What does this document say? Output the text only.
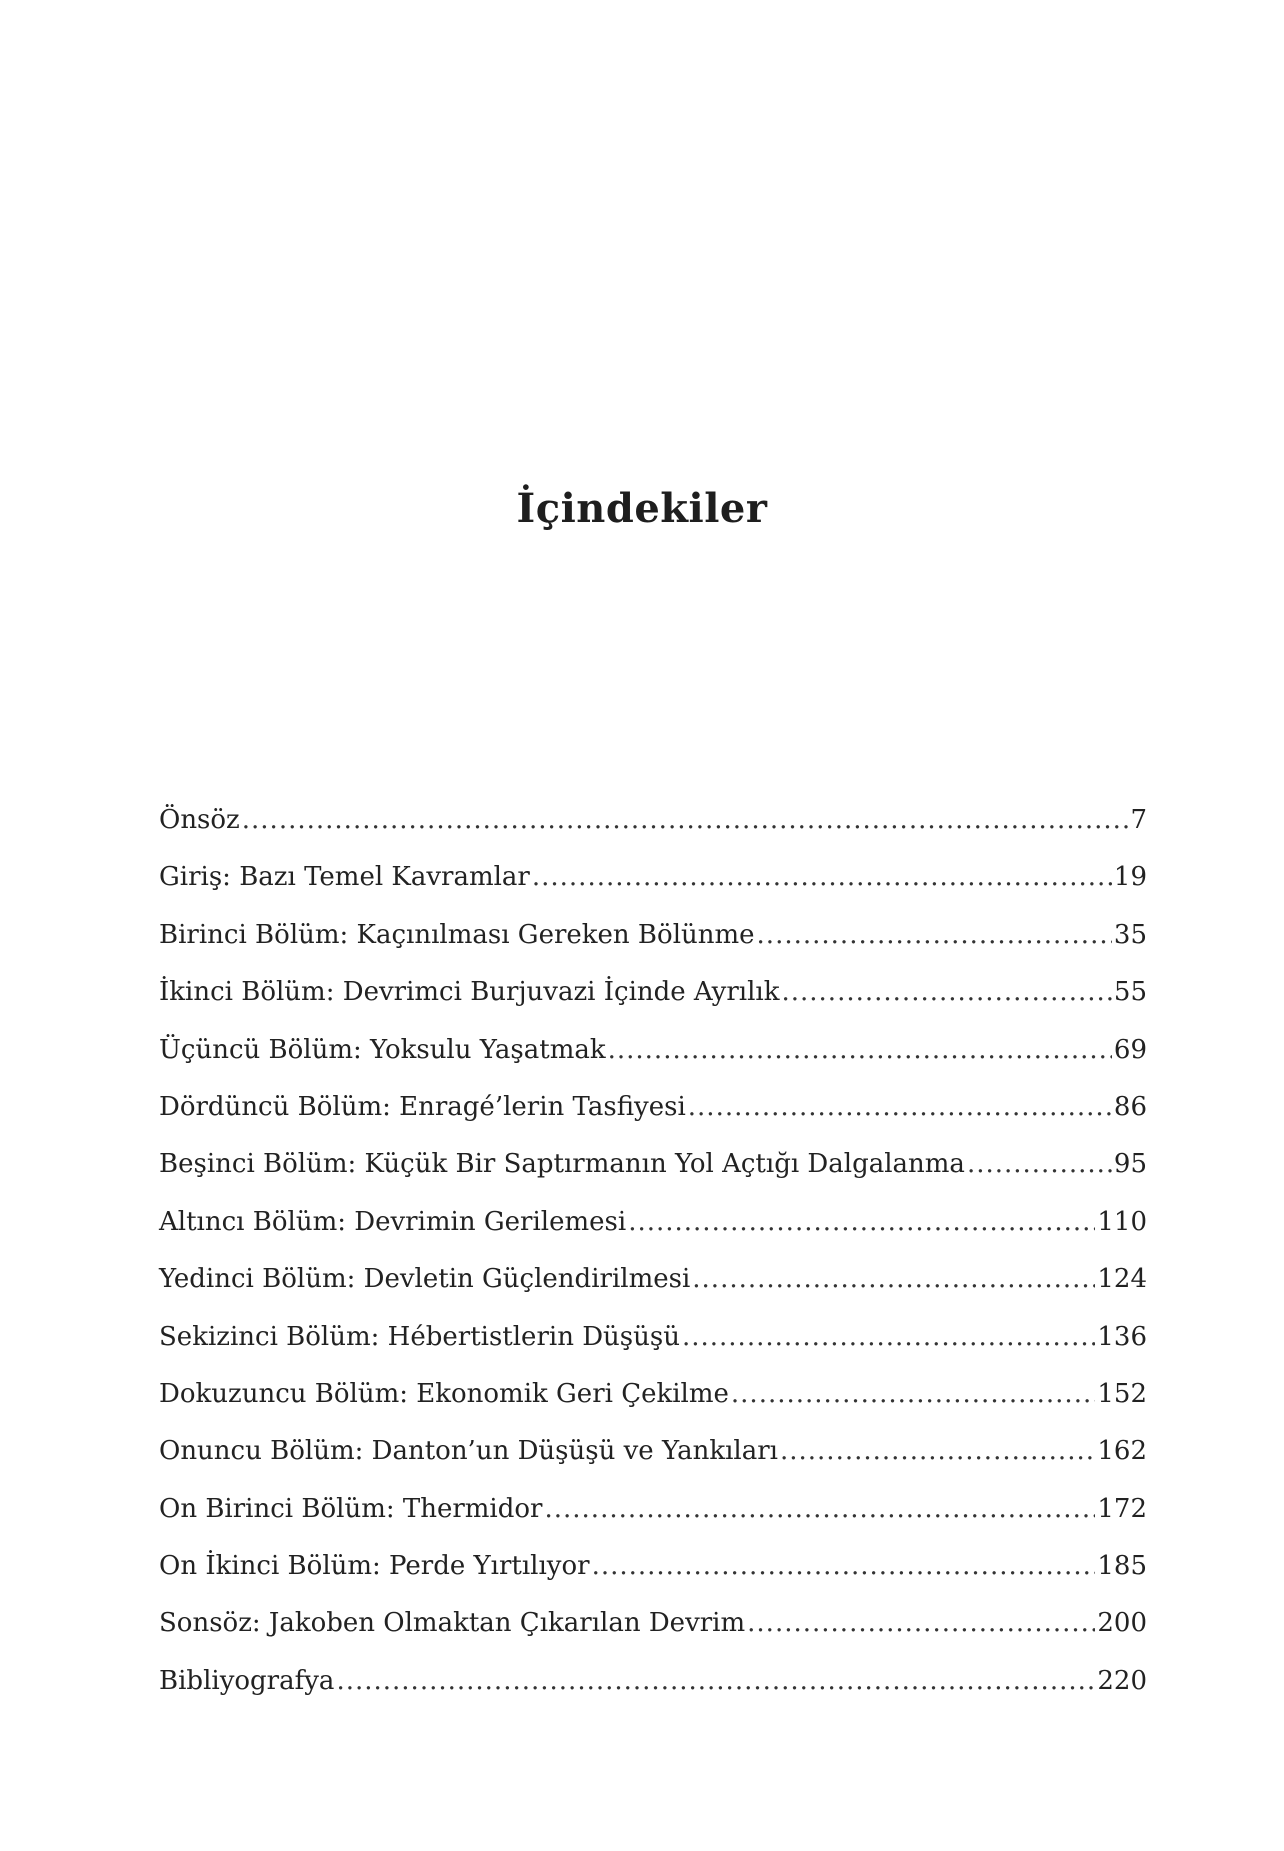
İçindekiler
Önsöz .....	7
Giriş: Bazı Temel Kavramlar .....	19
Birinci Bölüm: Kaçınılması Gereken Bölünme .....	35
İkinci Bölüm: Devrimci Burjuvazi İçinde Ayrılık .....	55
Üçüncü Bölüm: Yoksulu Yaşatmak .....	69
Dördüncü Bölüm: Enragé’lerin Tasfiyesi .....	86
Beşinci Bölüm: Küçük Bir Saptırmanın Yol Açtığı Dalgalanma .....	95
Altıncı Bölüm: Devrimin Gerilemesi .....	110
Yedinci Bölüm: Devletin Güçlendirilmesi .....	124
Sekizinci Bölüm: Hébertistlerin Düşüşü .....	136
Dokuzuncu Bölüm: Ekonomik Geri Çekilme .....	152
Onuncu Bölüm: Danton’un Düşüşü ve Yankıları .....	162
On Birinci Bölüm: Thermidor .....	172
On İkinci Bölüm: Perde Yırtılıyor .....	185
Sonsöz: Jakoben Olmaktan Çıkarılan Devrim .....	200
Bibliyografya .....	220
